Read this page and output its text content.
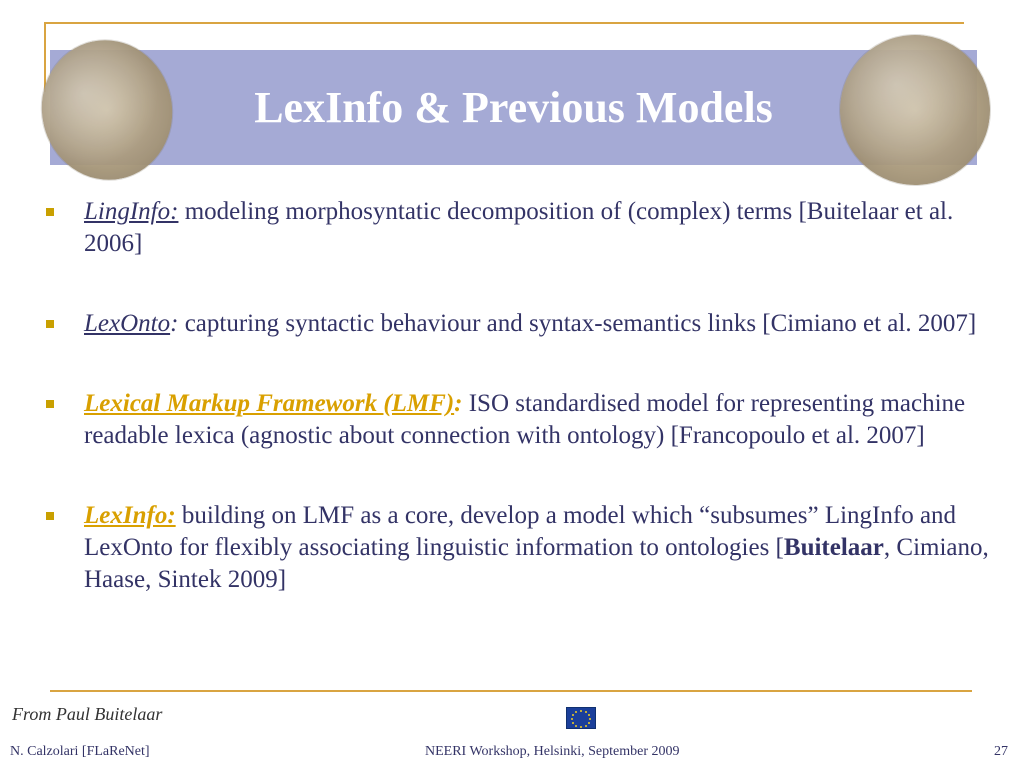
LexInfo & Previous Models
LingInfo: modeling morphosyntatic decomposition of (complex) terms [Buitelaar et al. 2006]
LexOnto: capturing syntactic behaviour and syntax-semantics links [Cimiano et al. 2007]
Lexical Markup Framework (LMF): ISO standardised model for representing machine readable lexica (agnostic about connection with ontology) [Francopoulo et al. 2007]
LexInfo: building on LMF as a core, develop a model which “subsumes” LingInfo and LexOnto for flexibly associating linguistic information to ontologies [Buitelaar, Cimiano, Haase, Sintek 2009]
From Paul Buitelaar
N. Calzolari [FLaReNet]	NEERI Workshop, Helsinki, September 2009	27
